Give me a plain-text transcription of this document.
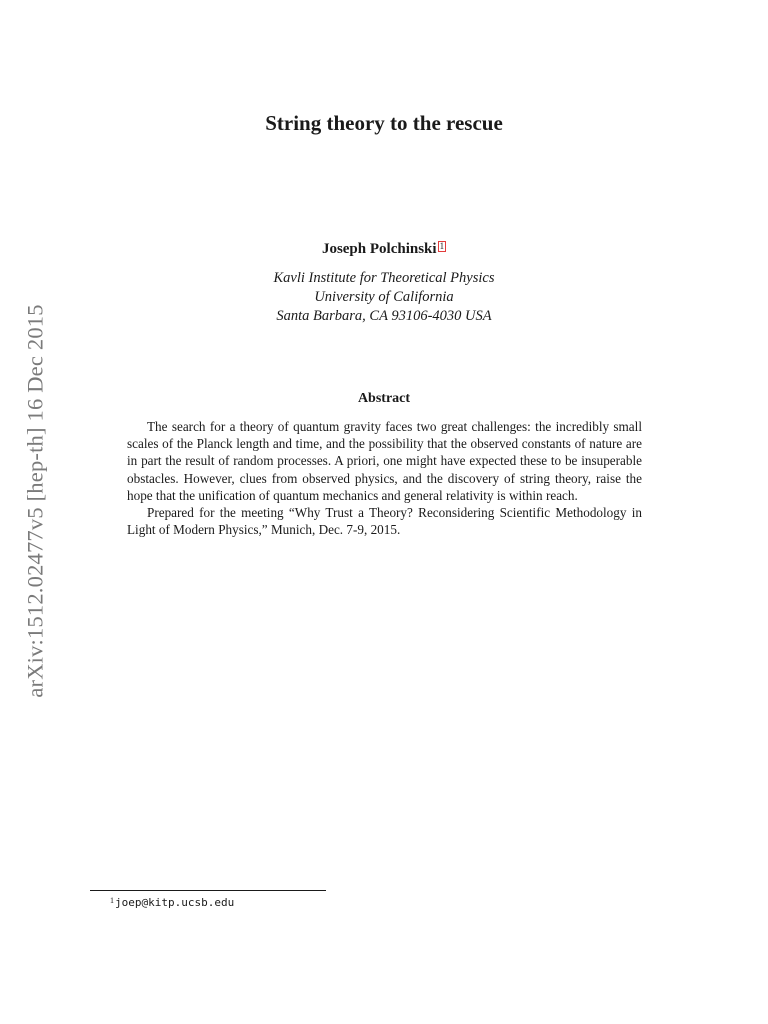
arXiv:1512.02477v5 [hep-th] 16 Dec 2015
String theory to the rescue
Joseph Polchinski 1
Kavli Institute for Theoretical Physics
University of California
Santa Barbara, CA 93106-4030 USA
Abstract

The search for a theory of quantum gravity faces two great challenges: the incredibly small scales of the Planck length and time, and the possibility that the observed constants of nature are in part the result of random processes. A priori, one might have expected these to be insuperable obstacles. However, clues from observed physics, and the discovery of string theory, raise the hope that the unification of quantum mechanics and general relativity is within reach.

Prepared for the meeting “Why Trust a Theory? Reconsidering Scientific Methodology in Light of Modern Physics,” Munich, Dec. 7-9, 2015.

$^1$joep@kitp.ucsb.edu
